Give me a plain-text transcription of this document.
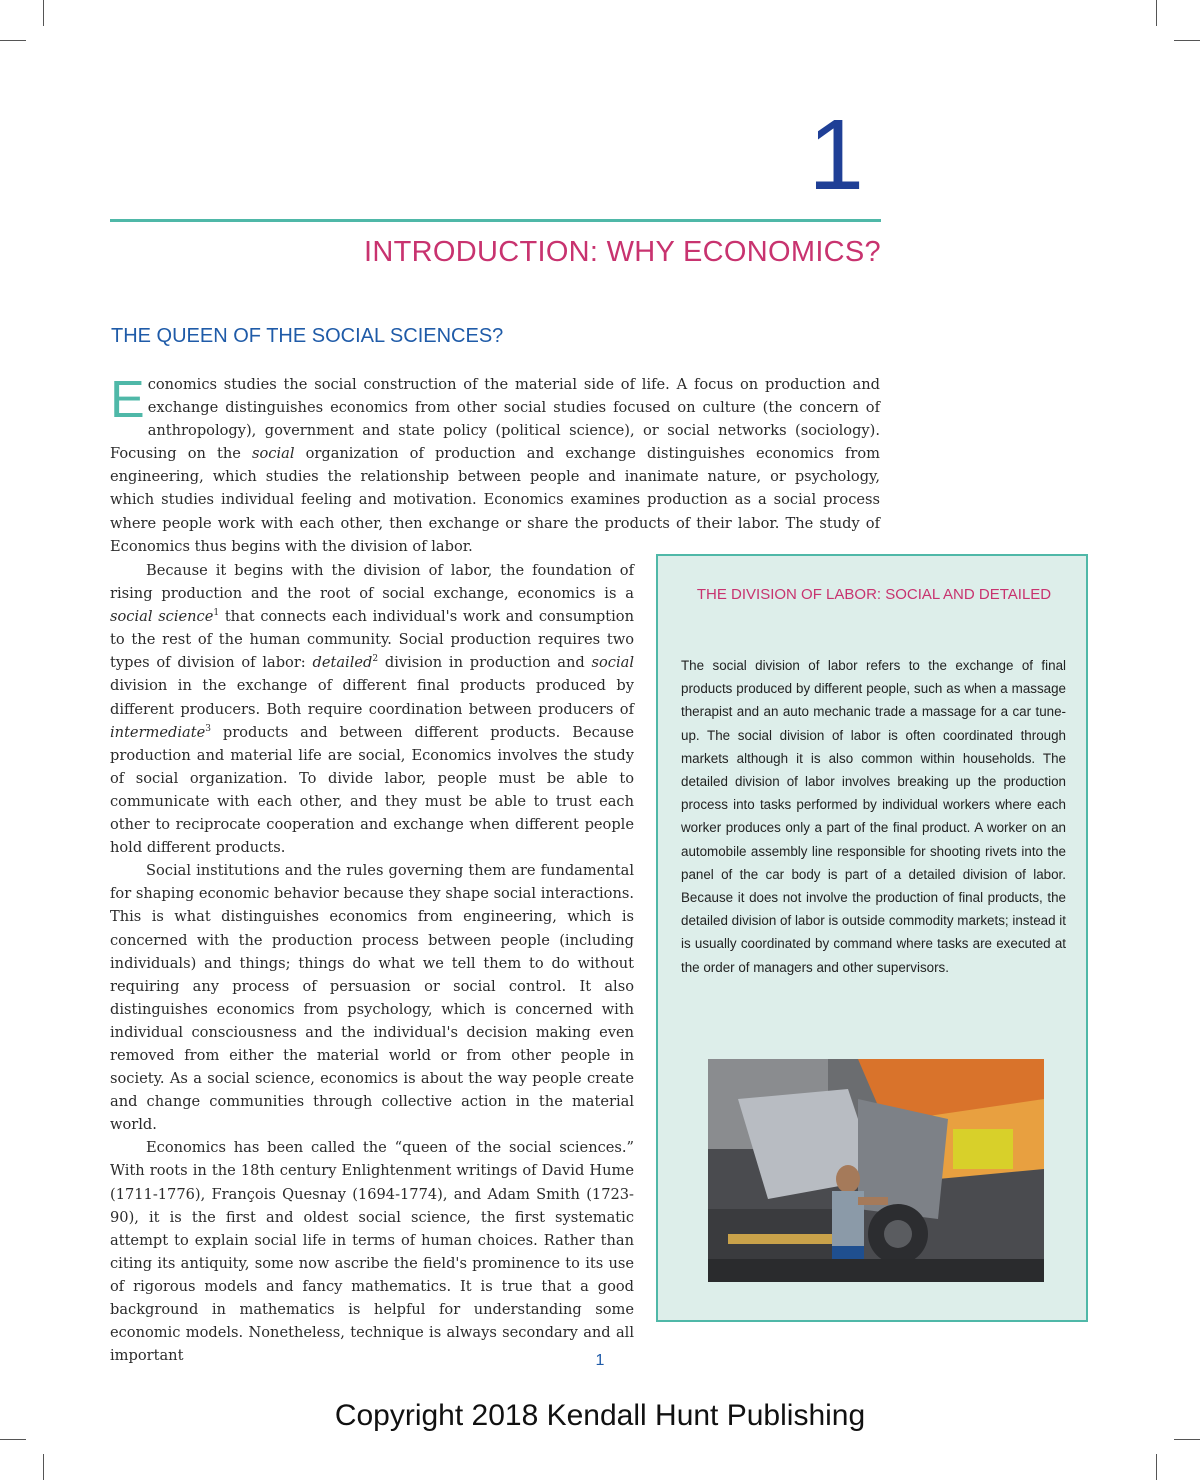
1
INTRODUCTION: WHY ECONOMICS?
THE QUEEN OF THE SOCIAL SCIENCES?

Economics studies the social construction of the material side of life. A focus on production and exchange distinguishes economics from other social studies focused on culture (the concern of anthropology), government and state policy (political science), or social networks (sociology). Focusing on the social organization of production and exchange distinguishes economics from engineering, which studies the relationship between people and inanimate nature, or psychology, which studies individual feeling and motivation. Economics examines production as a social process where people work with each other, then exchange or share the products of their labor. The study of Economics thus begins with the division of labor.

Because it begins with the division of labor, the foundation of rising production and the root of social exchange, economics is a social science$^1$ that connects each individual's work and consumption to the rest of the human community. Social production requires two types of division of labor: detailed$^2$ division in production and social division in the exchange of different final products produced by different producers. Both require coordination between producers of intermediate$^3$ products and between different products. Because production and material life are social, Economics involves the study of social organization. To divide labor, people must be able to communicate with each other, and they must be able to trust each other to reciprocate cooperation and exchange when different people hold different products.

Social institutions and the rules governing them are fundamental for shaping economic behavior because they shape social interactions. This is what distinguishes economics from engineering, which is concerned with the production process between people (including individuals) and things; things do what we tell them to do without requiring any process of persuasion or social control. It also distinguishes economics from psychology, which is concerned with individual consciousness and the individual's decision making even removed from either the material world or from other people in society. As a social science, economics is about the way people create and change communities through collective action in the material world.

Economics has been called the “queen of the social sciences.” With roots in the 18th century Enlightenment writings of David Hume (1711-1776), François Quesnay (1694-1774), and Adam Smith (1723-90), it is the first and oldest social science, the first systematic attempt to explain social life in terms of human choices. Rather than citing its antiquity, some now ascribe the field's prominence to its use of rigorous models and fancy mathematics. It is true that a good background in mathematics is helpful for understanding some economic models. Nonetheless, technique is always secondary and all important

THE DIVISION OF LABOR: SOCIAL AND DETAILED

The social division of labor refers to the exchange of final products produced by different people, such as when a massage therapist and an auto mechanic trade a massage for a car tune-up. The social division of labor is often coordinated through markets although it is also common within households. The detailed division of labor involves breaking up the production process into tasks performed by individual workers where each worker produces only a part of the final product. A worker on an automobile assembly line responsible for shooting rivets into the panel of the car body is part of a detailed division of labor. Because it does not involve the production of final products, the detailed division of labor is outside commodity markets; instead it is usually coordinated by command where tasks are executed at the order of managers and other supervisors.

1
Copyright 2018 Kendall Hunt Publishing
